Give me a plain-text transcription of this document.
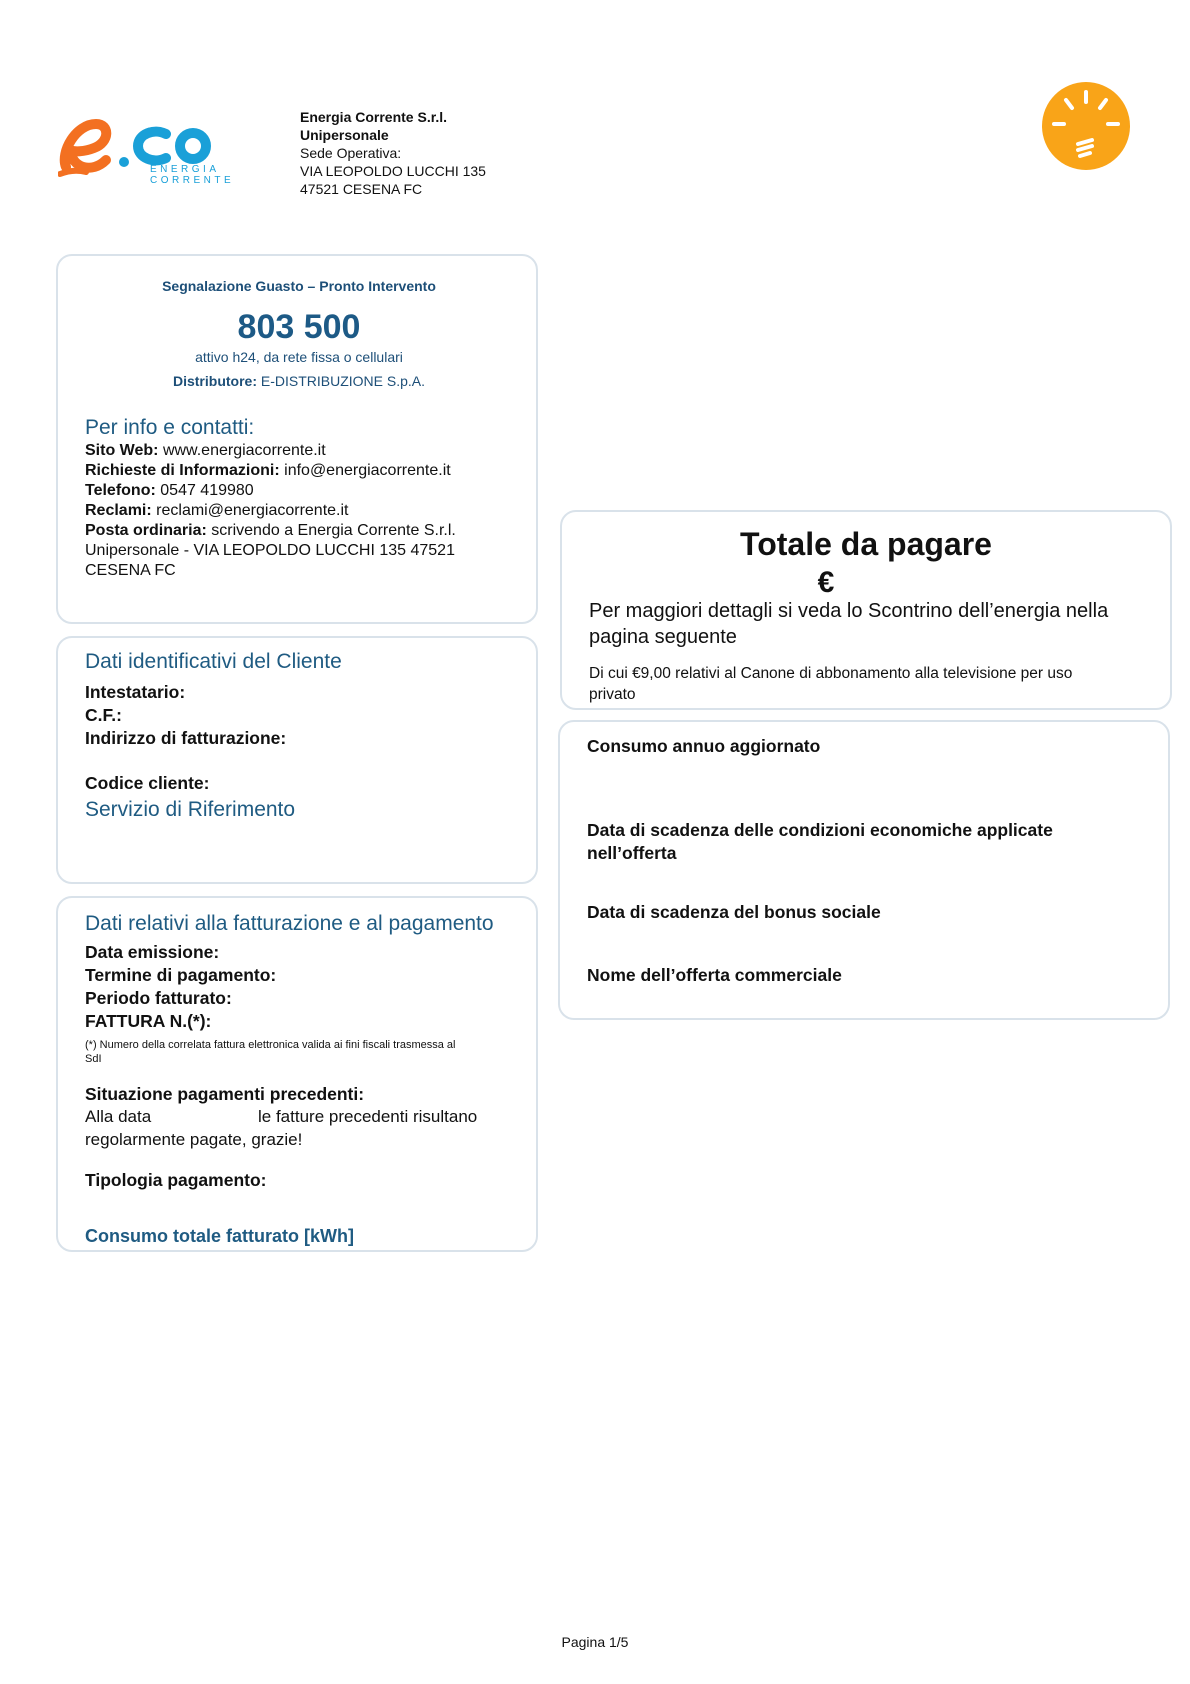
ENERGIA
CORRENTE
Energia Corrente S.r.l.
Unipersonale
Sede Operativa:
VIA LEOPOLDO LUCCHI 135
47521 CESENA FC
Segnalazione Guasto – Pronto Intervento
803 500
attivo h24, da rete fissa o cellulari
Distributore: E-DISTRIBUZIONE S.p.A.
Per info e contatti:
Sito Web: www.energiacorrente.it
Richieste di Informazioni: info@energiacorrente.it
Telefono: 0547 419980
Reclami: reclami@energiacorrente.it
Posta ordinaria: scrivendo a Energia Corrente S.r.l.
Unipersonale - VIA LEOPOLDO LUCCHI 135 47521
CESENA FC
Dati identificativi del Cliente
Intestatario:
C.F.:
Indirizzo di fatturazione:
Codice cliente:
Servizio di Riferimento
Dati relativi alla fatturazione e al pagamento
Data emissione:
Termine di pagamento:
Periodo fatturato:
FATTURA N.(*):
(*) Numero della correlata fattura elettronica valida ai fini fiscali trasmessa al
SdI
Situazione pagamenti precedenti:
Alla data	le fatture precedenti risultano
regolarmente pagate, grazie!
Tipologia pagamento:
Consumo totale fatturato [kWh]
Totale da pagare
€
Per maggiori dettagli si veda lo Scontrino dell’energia nella
pagina seguente
Di cui €9,00 relativi al Canone di abbonamento alla televisione per uso
privato
Consumo annuo aggiornato
Data di scadenza delle condizioni economiche applicate
nell’offerta
Data di scadenza del bonus sociale
Nome dell’offerta commerciale
Pagina 1/5
